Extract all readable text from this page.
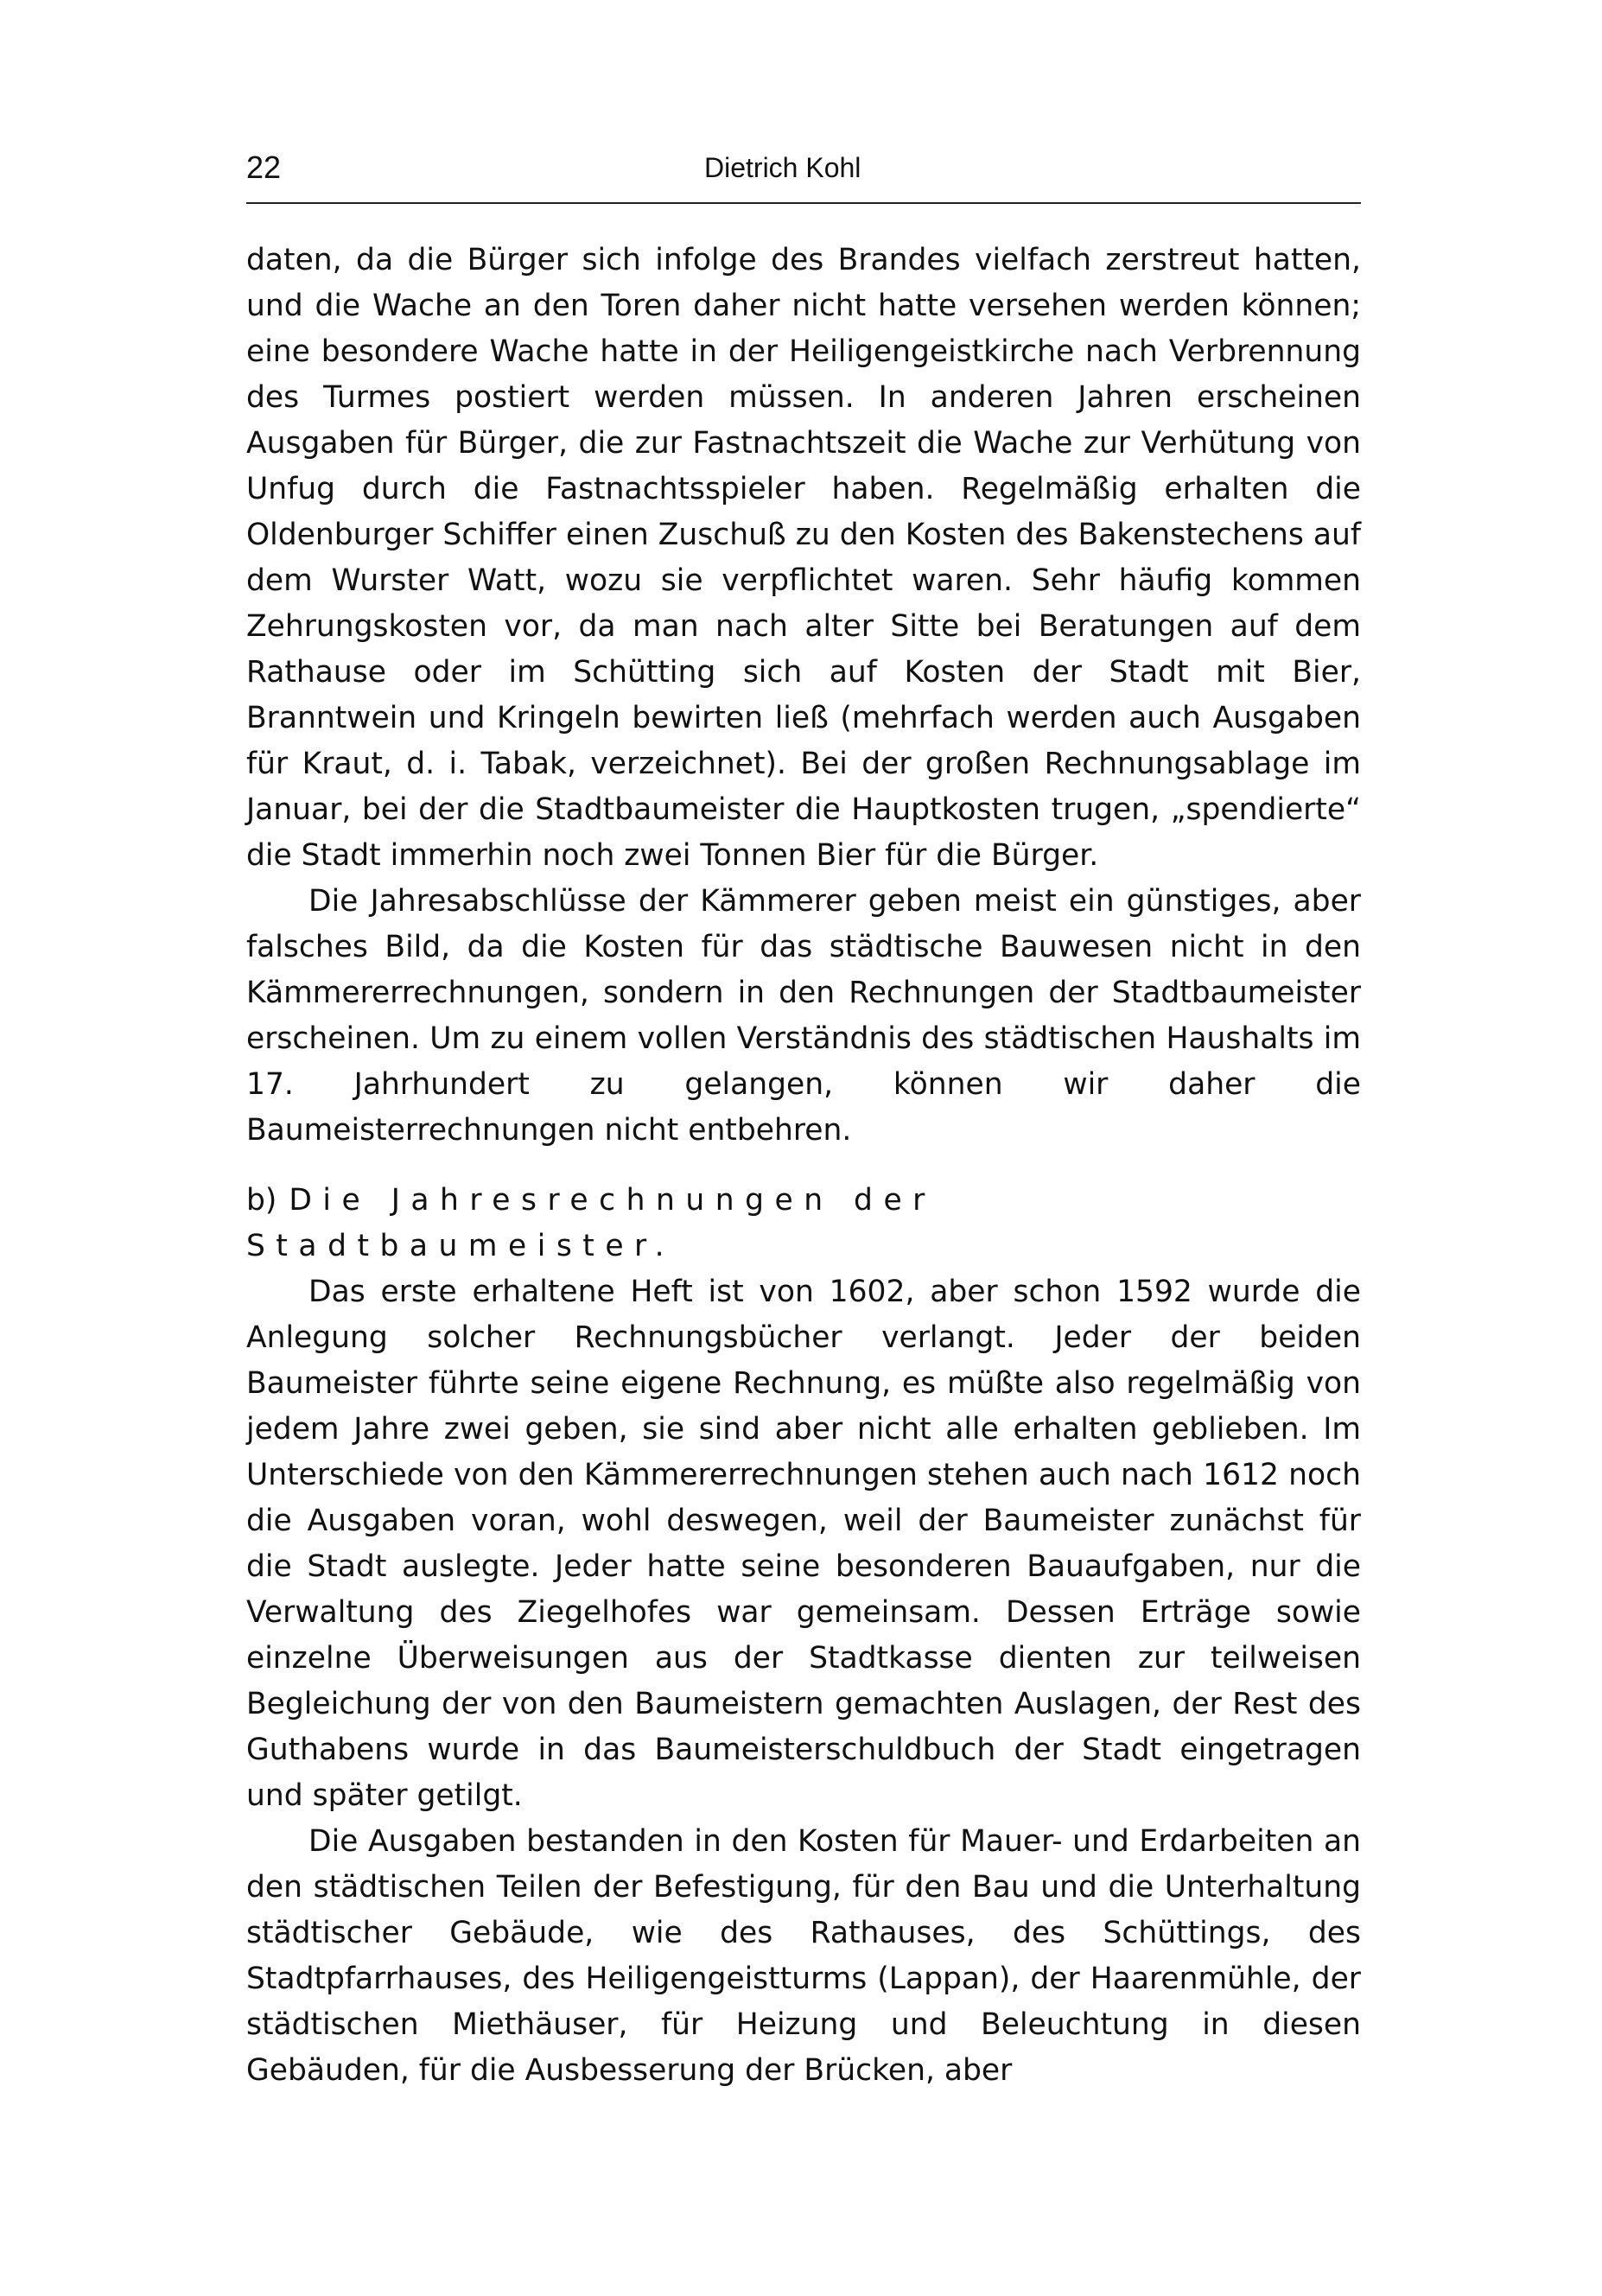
22	Dietrich Kohl

daten, da die Bürger sich infolge des Brandes vielfach zerstreut hatten, und die Wache an den Toren daher nicht hatte versehen werden können; eine besondere Wache hatte in der Heiligengeistkirche nach Verbrennung des Turmes postiert werden müssen. In anderen Jahren erscheinen Ausgaben für Bürger, die zur Fastnachtszeit die Wache zur Verhütung von Unfug durch die Fastnachtsspieler haben. Regelmäßig erhalten die Oldenburger Schiffer einen Zuschuß zu den Kosten des Bakenstechens auf dem Wurster Watt, wozu sie verpflichtet waren. Sehr häufig kommen Zehrungskosten vor, da man nach alter Sitte bei Beratungen auf dem Rathause oder im Schütting sich auf Kosten der Stadt mit Bier, Branntwein und Kringeln bewirten ließ (mehrfach werden auch Ausgaben für Kraut, d. i. Tabak, verzeichnet). Bei der großen Rechnungsablage im Januar, bei der die Stadtbaumeister die Hauptkosten trugen, „spendierte“ die Stadt immerhin noch zwei Tonnen Bier für die Bürger.

Die Jahresabschlüsse der Kämmerer geben meist ein günstiges, aber falsches Bild, da die Kosten für das städtische Bauwesen nicht in den Kämmererrechnungen, sondern in den Rechnungen der Stadtbaumeister erscheinen. Um zu einem vollen Verständnis des städtischen Haushalts im 17. Jahrhundert zu gelangen, können wir daher die Baumeisterrechnungen nicht entbehren.

b) Die Jahresrechnungen der Stadtbaumeister.

Das erste erhaltene Heft ist von 1602, aber schon 1592 wurde die Anlegung solcher Rechnungsbücher verlangt. Jeder der beiden Baumeister führte seine eigene Rechnung, es müßte also regelmäßig von jedem Jahre zwei geben, sie sind aber nicht alle erhalten geblieben. Im Unterschiede von den Kämmererrechnungen stehen auch nach 1612 noch die Ausgaben voran, wohl deswegen, weil der Baumeister zunächst für die Stadt auslegte. Jeder hatte seine besonderen Bauaufgaben, nur die Verwaltung des Ziegelhofes war gemeinsam. Dessen Erträge sowie einzelne Überweisungen aus der Stadtkasse dienten zur teilweisen Begleichung der von den Baumeistern gemachten Auslagen, der Rest des Guthabens wurde in das Baumeisterschuldbuch der Stadt eingetragen und später getilgt.

Die Ausgaben bestanden in den Kosten für Mauer- und Erdarbeiten an den städtischen Teilen der Befestigung, für den Bau und die Unterhaltung städtischer Gebäude, wie des Rathauses, des Schüttings, des Stadtpfarrhauses, des Heiligengeistturms (Lappan), der Haarenmühle, der städtischen Miethäuser, für Heizung und Beleuchtung in diesen Gebäuden, für die Ausbesserung der Brücken, aber
